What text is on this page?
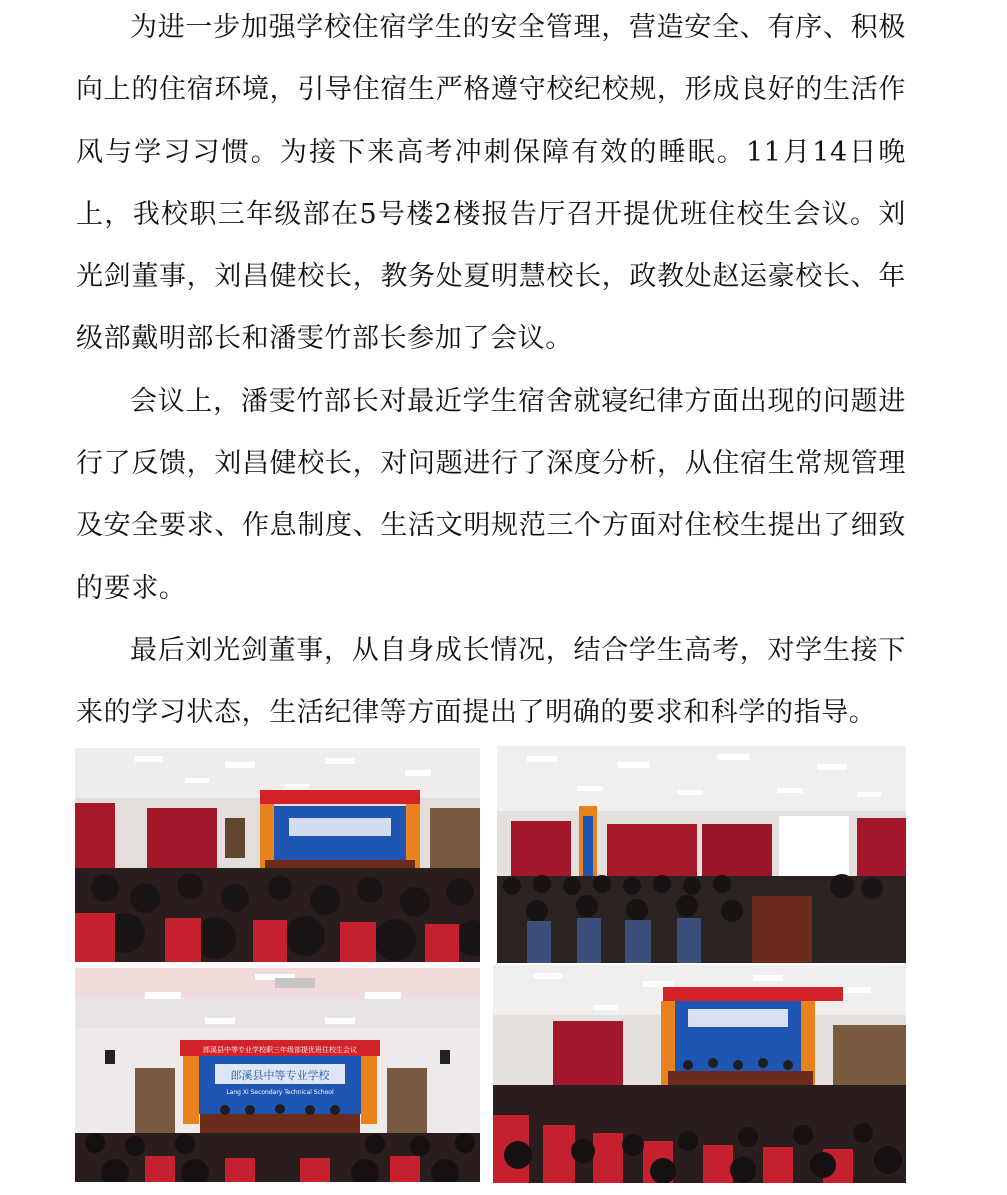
为进一步加强学校住宿学生的安全管理，营造安全、有序、积极向上的住宿环境，引导住宿生严格遵守校纪校规，形成良好的生活作风与学习习惯。为接下来高考冲刺保障有效的睡眠。11月14日晚上，我校职三年级部在5号楼2楼报告厅召开提优班住校生会议。刘光剑董事，刘昌健校长，教务处夏明慧校长，政教处赵运豪校长、年级部戴明部长和潘雯竹部长参加了会议。

会议上，潘雯竹部长对最近学生宿舍就寝纪律方面出现的问题进行了反馈，刘昌健校长，对问题进行了深度分析，从住宿生常规管理及安全要求、作息制度、生活文明规范三个方面对住校生提出了细致的要求。

最后刘光剑董事，从自身成长情况，结合学生高考，对学生接下来的学习状态，生活纪律等方面提出了明确的要求和科学的指导。

郎溪县中等专业学校职三年级部提优班住校生会议
郎溪县中等专业学校
Lang Xi Secondary Technical School
